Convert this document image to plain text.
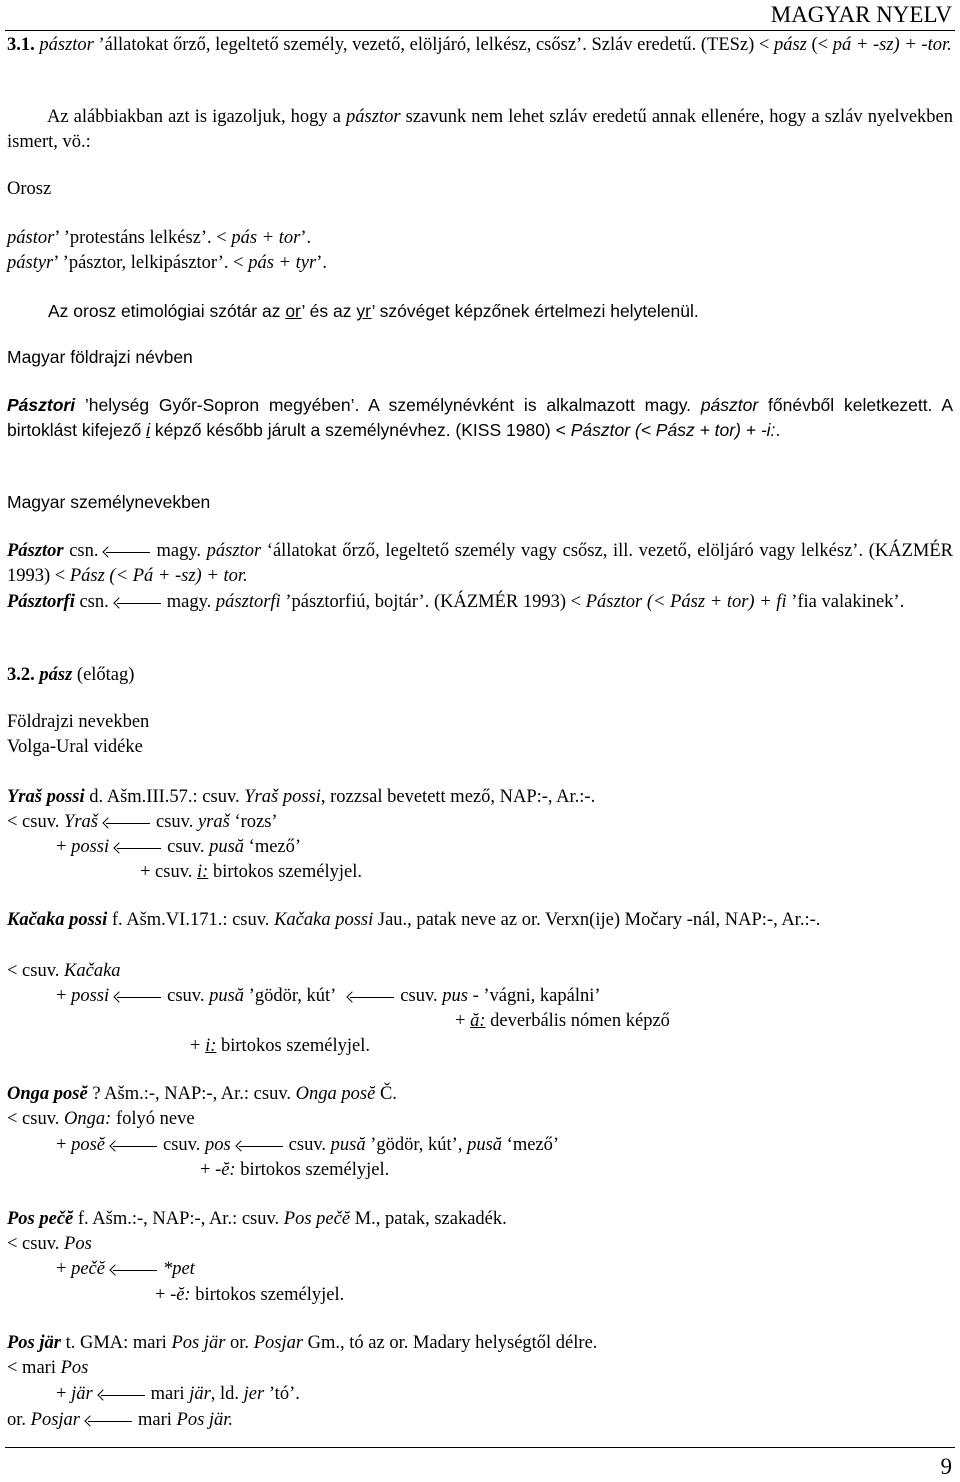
MAGYAR NYELV
3.1. pásztor ’állatokat őrző, legeltető személy, vezető, elöljáró, lelkész, csősz’. Szláv eredetű. (TESz) < pász (< pá + -sz) + -tor.
Az alábbiakban azt is igazoljuk, hogy a pásztor szavunk nem lehet szláv eredetű annak ellenére, hogy a szláv nyelvekben ismert, vö.:
Orosz
pástor’ ’protestáns lelkész’. < pás + tor’.
pástyr’ ’pásztor, lelkipásztor’. < pás + tyr’.
Az orosz etimológiai szótár az or’ és az yr’ szóvéget képzőnek értelmezi helytelenül.
Magyar földrajzi névben
Pásztori ’helység Győr-Sopron megyében’. A személynévként is alkalmazott magy. pásztor főnévből keletkezett. A birtoklást kifejező i képző később járult a személynévhez. (KISS 1980) < Pásztor (< Pász + tor) + -i:.
Magyar személynevekben
Pásztor csn.	magy. pásztor ‘állatokat őrző, legeltető személy vagy csősz, ill. vezető, elöljáró vagy lelkész’. (KÁZMÉR 1993) < Pász (< Pá + -sz) + tor.
Pásztorfi csn.	magy. pásztorfi ’pásztorfiú, bojtár’. (KÁZMÉR 1993) < Pásztor (< Pász + tor) + fi ’fia valakinek’.
3.2. pász (előtag)
Földrajzi nevekben
Volga-Ural vidéke
Yraš possi d. Ašm.III.57.: csuv. Yraš possi, rozzsal bevetett mező, NAP:-, Ar.:-.
< csuv. Yraš	csuv. yraš ‘rozs’
+ possi	csuv. pusă ‘mező’
+ csuv. i: birtokos személyjel.
Kačaka possi f. Ašm.VI.171.: csuv. Kačaka possi Jau., patak neve az or. Verxn(ije) Močary -nál, NAP:-, Ar.:-.
< csuv. Kačaka
+ possi	csuv. pusă ’gödör, kút’	csuv. pus - ’vágni, kapálni’
+ ă: deverbális nómen képző
+ i: birtokos személyjel.
Onga posĕ ? Ašm.:-, NAP:-, Ar.: csuv. Onga posĕ Č.
< csuv. Onga: folyó neve
+ posĕ	csuv. pos	csuv. pusă ’gödör, kút’, pusă ‘mező’
+ -ĕ: birtokos személyjel.
Pos pečĕ f. Ašm.:-, NAP:-, Ar.: csuv. Pos pečĕ M., patak, szakadék.
< csuv. Pos
+ pečĕ	*pet
+ -ĕ: birtokos személyjel.
Pos jär t. GMA: mari Pos jär or. Posjar Gm., tó az or. Madary helységtől délre.
< mari Pos
+ jär	mari jär, ld. jer ’tó’.
or. Posjar	mari Pos jär.
9
